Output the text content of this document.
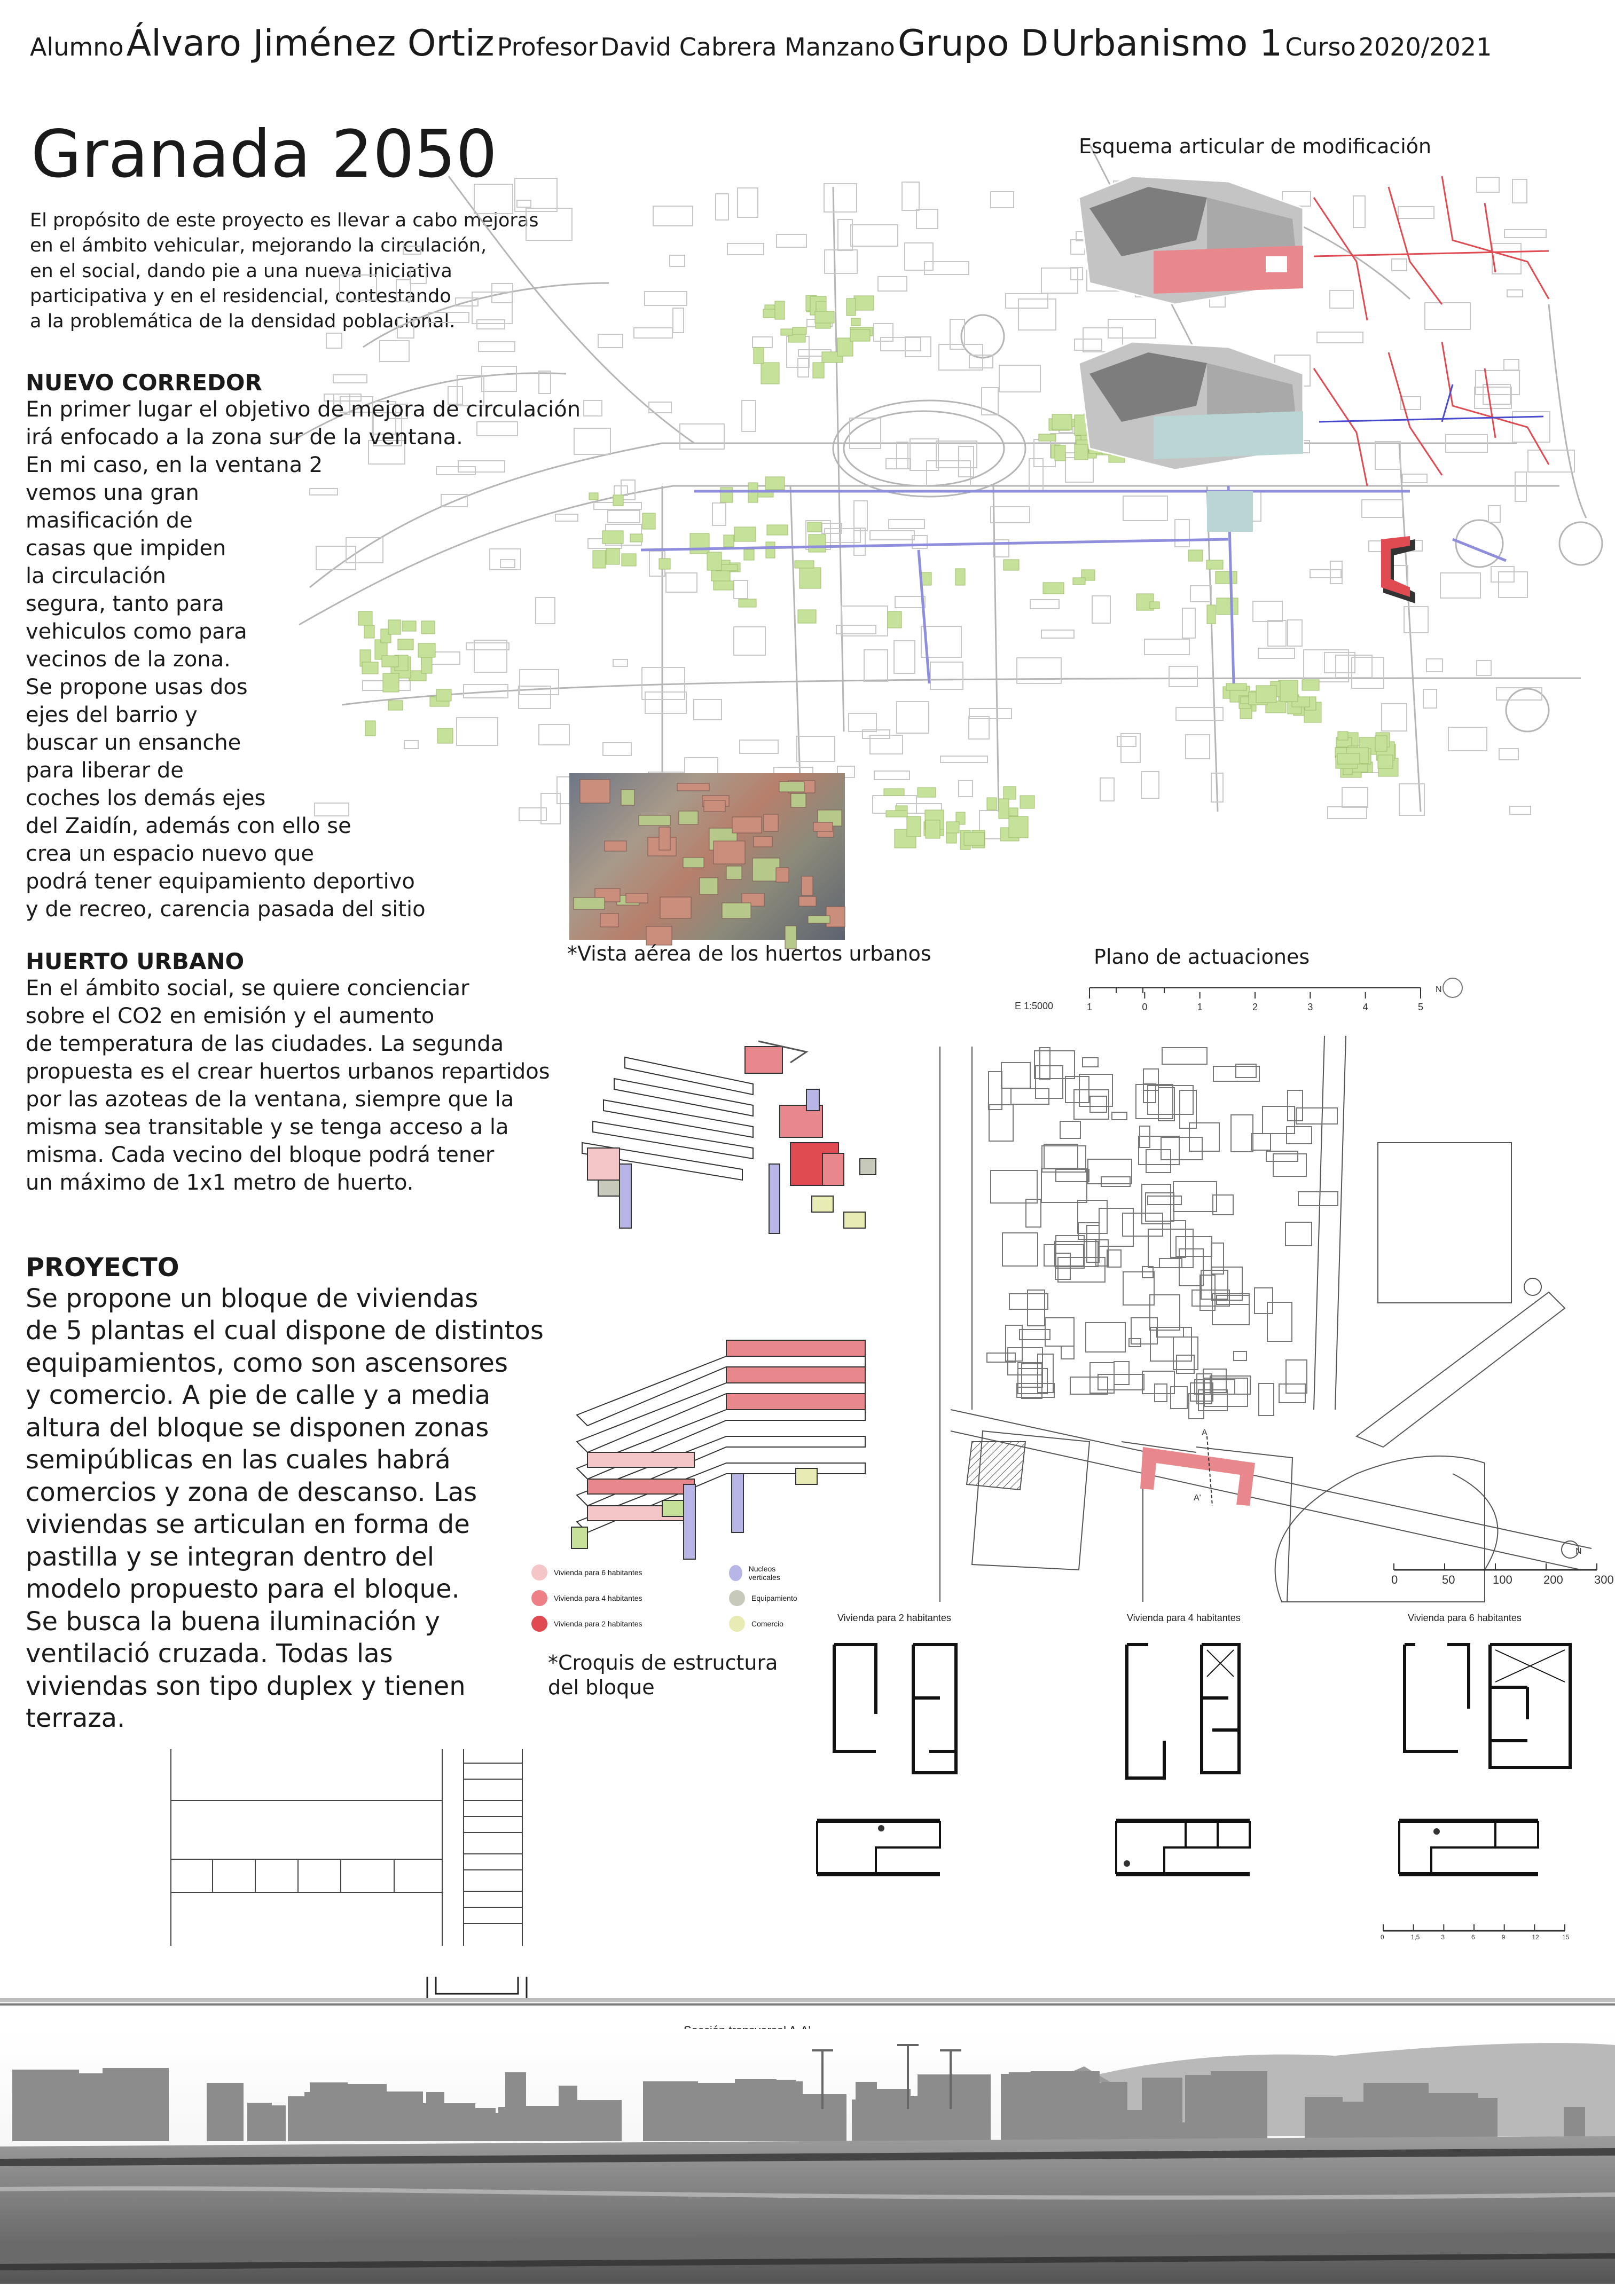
Alumno Álvaro Jiménez Ortiz Profesor David Cabrera Manzano Grupo D Urbanismo 1 Curso 2020/2021
Granada 2050
El propósito de este proyecto es llevar a cabo mejoras
en el ámbito vehicular, mejorando la circulación,
en el social, dando pie a una nueva iniciativa
participativa y en el residencial, contestando
a la problemática de la densidad poblacional.
Esquema articular de modificación
NUEVO CORREDOR
En primer lugar el objetivo de mejora de circulación
irá enfocado a la zona sur de la ventana.
En mi caso, en la ventana 2
vemos una gran
masificación de
casas que impiden
la circulación
segura, tanto para
vehiculos como para
vecinos de la zona.
Se propone usas dos
ejes del barrio y
buscar un ensanche
para liberar de
coches los demás ejes
del Zaidín, además con ello se
crea un espacio nuevo que
podrá tener equipamiento deportivo
y de recreo, carencia pasada del sitio
*Vista aérea de los huertos urbanos
HUERTO URBANO
En el ámbito social, se quiere concienciar
sobre el CO2 en emisión y el aumento
de temperatura de las ciudades. La segunda
propuesta es el crear huertos urbanos repartidos
por las azoteas de la ventana, siempre que la
misma sea transitable y se tenga acceso a la
misma. Cada vecino del bloque podrá tener
un máximo de 1x1 metro de huerto.
PROYECTO
Se propone un bloque de viviendas
de 5 plantas el cual dispone de distintos
equipamientos, como son ascensores
y comercio. A pie de calle y a media
altura del bloque se disponen zonas
semipúblicas en las cuales habrá
comercios y zona de descanso. Las
viviendas se articulan en forma de
pastilla y se integran dentro del
modelo propuesto para el bloque.
Se busca la buena iluminación y
ventilació cruzada. Todas las
viviendas son tipo duplex y tienen
terraza.
Vivienda para 6 habitantes
Vivienda para 4 habitantes
Vivienda para 2 habitantes
Nucleos verticales
Equipamiento
Comercio
*Croquis de estructura
del bloque
Plano de actuaciones
1	0	1	2	3	4	5
E 1:5000
N
A
A'
N
0	50	100	200	300
Vivienda para 2 habitantes	Vivienda para 4 habitantes	Vivienda para 6 habitantes
0	1,5	3	6	9	12	15
